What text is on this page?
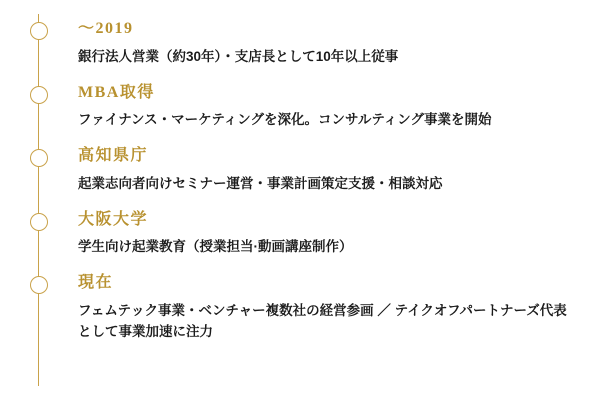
〜2019

銀行法人営業（約30年）・支店長として10年以上従事

MBA取得

ファイナンス・マーケティングを深化。コンサルティング事業を開始

高知県庁

起業志向者向けセミナー運営・事業計画策定支援・相談対応

大阪大学

学生向け起業教育（授業担当·動画講座制作）

現在

フェムテック事業・ベンチャー複数社の経営参画 ／ テイクオフパートナーズ代表として事業加速に注力
